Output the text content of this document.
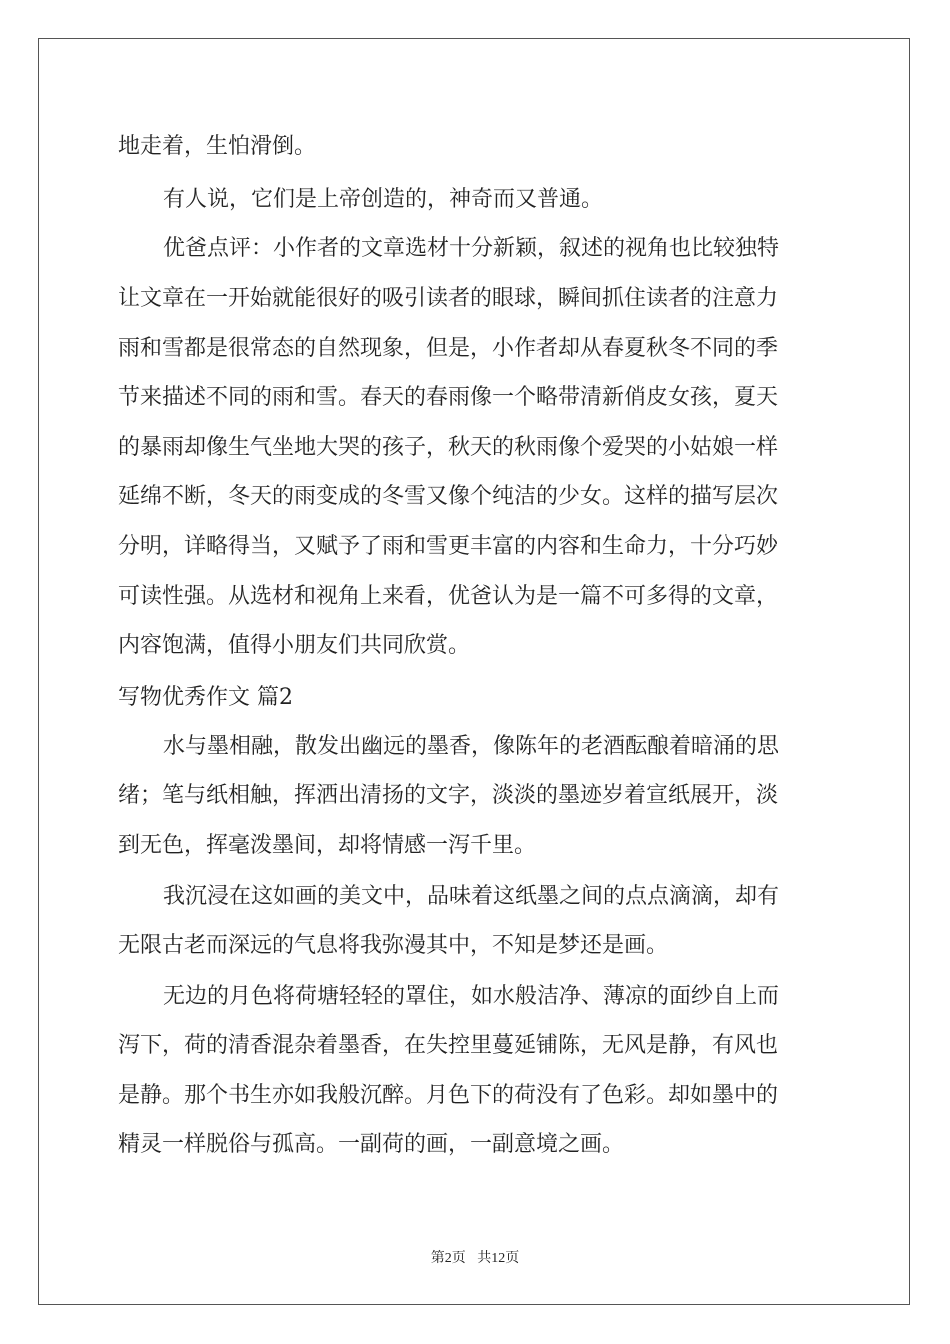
地走着，生怕滑倒。
有人说，它们是上帝创造的，神奇而又普通。
优爸点评：小作者的文章选材十分新颖，叙述的视角也比较独特
让文章在一开始就能很好的吸引读者的眼球，瞬间抓住读者的注意力
雨和雪都是很常态的自然现象，但是，小作者却从春夏秋冬不同的季
节来描述不同的雨和雪。春天的春雨像一个略带清新俏皮女孩，夏天
的暴雨却像生气坐地大哭的孩子，秋天的秋雨像个爱哭的小姑娘一样
延绵不断，冬天的雨变成的冬雪又像个纯洁的少女。这样的描写层次
分明，详略得当，又赋予了雨和雪更丰富的内容和生命力，十分巧妙
可读性强。从选材和视角上来看，优爸认为是一篇不可多得的文章，
内容饱满，值得小朋友们共同欣赏。
写物优秀作文 篇2
水与墨相融，散发出幽远的墨香，像陈年的老酒酝酿着暗涌的思
绪；笔与纸相触，挥洒出清扬的文字，淡淡的墨迹岁着宣纸展开，淡
到无色，挥毫泼墨间，却将情感一泻千里。
我沉浸在这如画的美文中，品味着这纸墨之间的点点滴滴，却有
无限古老而深远的气息将我弥漫其中，不知是梦还是画。
无边的月色将荷塘轻轻的罩住，如水般洁净、薄凉的面纱自上而
泻下，荷的清香混杂着墨香，在失控里蔓延铺陈，无风是静，有风也
是静。那个书生亦如我般沉醉。月色下的荷没有了色彩。却如墨中的
精灵一样脱俗与孤高。一副荷的画，一副意境之画。
第2页 共12页
